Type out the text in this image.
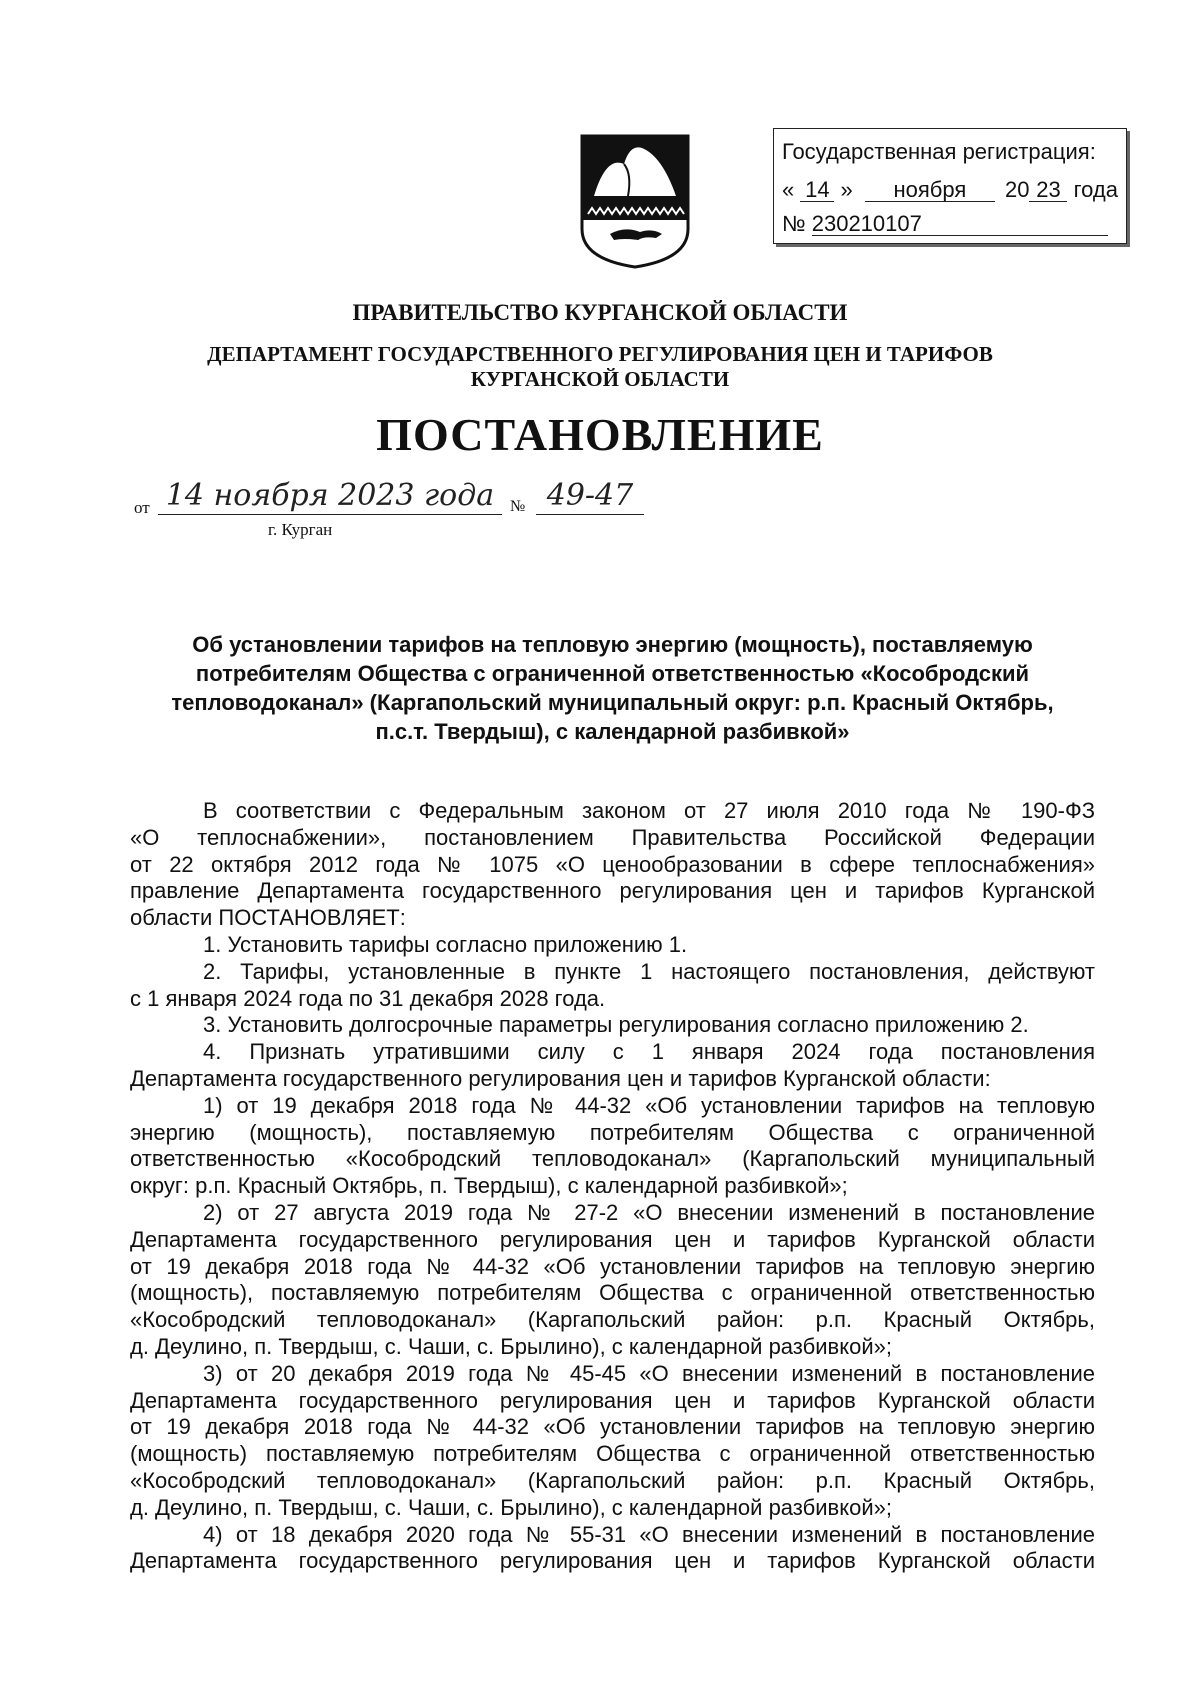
Государственная регистрация:
« 14 » ноября 20 23 года
№ 230210107
ПРАВИТЕЛЬСТВО КУРГАНСКОЙ ОБЛАСТИ
ДЕПАРТАМЕНТ ГОСУДАРСТВЕННОГО РЕГУЛИРОВАНИЯ ЦЕН И ТАРИФОВ
КУРГАНСКОЙ ОБЛАСТИ
ПОСТАНОВЛЕНИЕ
от 14 ноября 2023 года № 49-47
г. Курган
Об установлении тарифов на тепловую энергию (мощность), поставляемую
потребителям Общества с ограниченной ответственностью «Кособродский
тепловодоканал» (Каргапольский муниципальный округ: р.п. Красный Октябрь,
п.с.т. Твердыш), с календарной разбивкой»

В соответствии с Федеральным законом от 27 июля 2010 года № 190-ФЗ

«О теплоснабжении», постановлением Правительства Российской Федерации

от 22 октября 2012 года № 1075 «О ценообразовании в сфере теплоснабжения»

правление Департамента государственного регулирования цен и тарифов Курганской

области ПОСТАНОВЛЯЕТ:

1. Установить тарифы согласно приложению 1.

2. Тарифы, установленные в пункте 1 настоящего постановления, действуют

с 1 января 2024 года по 31 декабря 2028 года.

3. Установить долгосрочные параметры регулирования согласно приложению 2.

4. Признать утратившими силу с 1 января 2024 года постановления

Департамента государственного регулирования цен и тарифов Курганской области:

1) от 19 декабря 2018 года № 44-32 «Об установлении тарифов на тепловую

энергию (мощность), поставляемую потребителям Общества с ограниченной

ответственностью «Кособродский тепловодоканал» (Каргапольский муниципальный

округ: р.п. Красный Октябрь, п. Твердыш), с календарной разбивкой»;

2) от 27 августа 2019 года № 27-2 «О внесении изменений в постановление

Департамента государственного регулирования цен и тарифов Курганской области

от 19 декабря 2018 года № 44-32 «Об установлении тарифов на тепловую энергию

(мощность), поставляемую потребителям Общества с ограниченной ответственностью

«Кособродский тепловодоканал» (Каргапольский район: р.п. Красный Октябрь,

д. Деулино, п. Твердыш, с. Чаши, с. Брылино), с календарной разбивкой»;

3) от 20 декабря 2019 года № 45-45 «О внесении изменений в постановление

Департамента государственного регулирования цен и тарифов Курганской области

от 19 декабря 2018 года № 44-32 «Об установлении тарифов на тепловую энергию

(мощность) поставляемую потребителям Общества с ограниченной ответственностью

«Кособродский тепловодоканал» (Каргапольский район: р.п. Красный Октябрь,

д. Деулино, п. Твердыш, с. Чаши, с. Брылино), с календарной разбивкой»;

4) от 18 декабря 2020 года № 55-31 «О внесении изменений в постановление

Департамента государственного регулирования цен и тарифов Курганской области
